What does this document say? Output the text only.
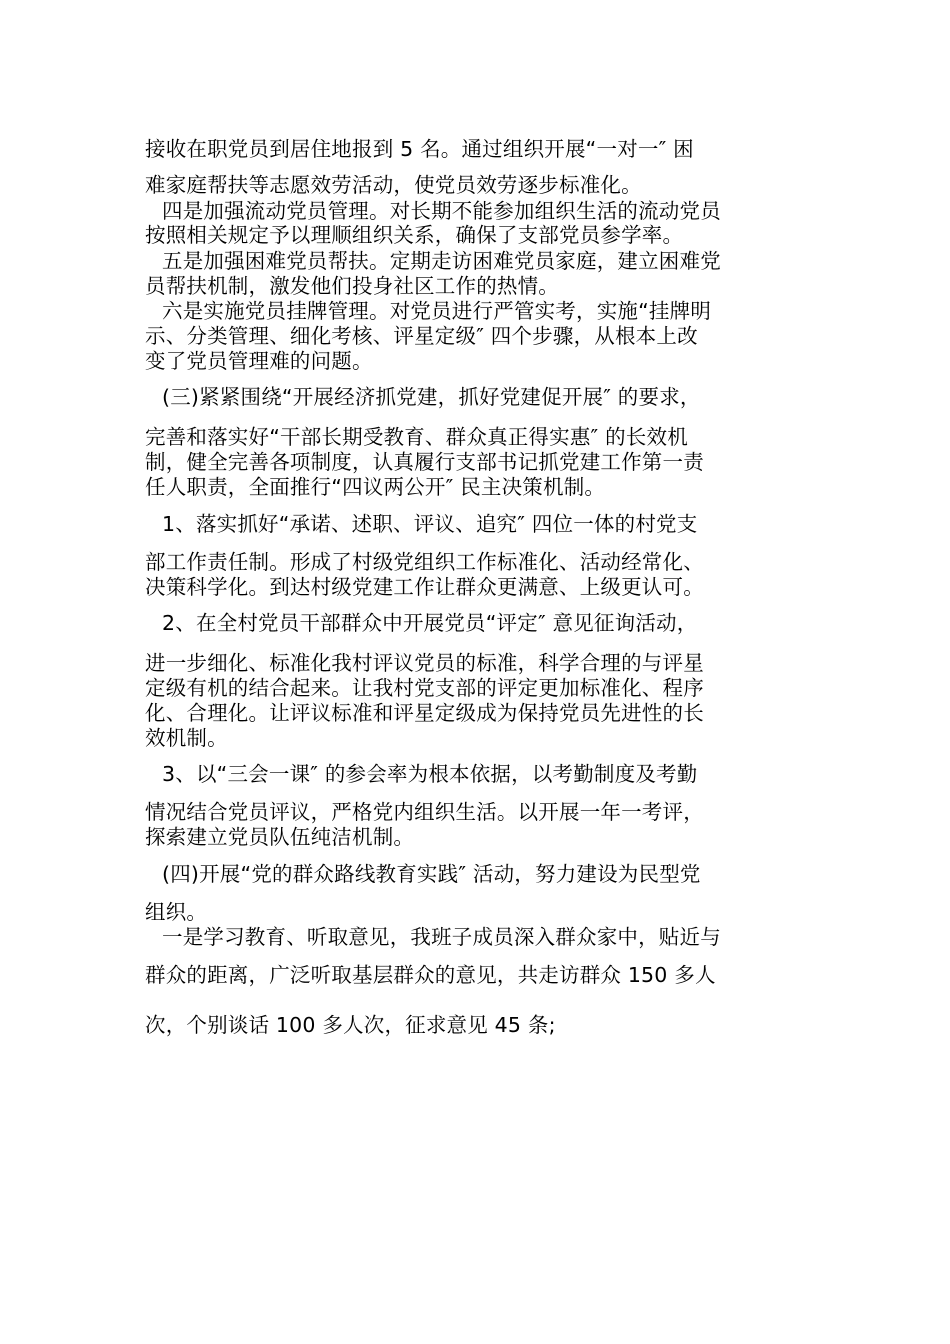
接收在职党员到居住地报到 5 名。通过组织开展“一对一″ 困

难家庭帮扶等志愿效劳活动，使党员效劳逐步标准化。

四是加强流动党员管理。对长期不能参加组织生活的流动党员

按照相关规定予以理顺组织关系，确保了支部党员参学率。

五是加强困难党员帮扶。定期走访困难党员家庭，建立困难党

员帮扶机制，激发他们投身社区工作的热情。

六是实施党员挂牌管理。对党员进行严管实考，实施“挂牌明

示、分类管理、细化考核、评星定级″ 四个步骤，从根本上改

变了党员管理难的问题。

(三)紧紧围绕“开展经济抓党建，抓好党建促开展″ 的要求，

完善和落实好“干部长期受教育、群众真正得实惠″ 的长效机

制，健全完善各项制度，认真履行支部书记抓党建工作第一责

任人职责，全面推行“四议两公开″ 民主决策机制。

1、落实抓好“承诺、述职、评议、追究″ 四位一体的村党支

部工作责任制。形成了村级党组织工作标准化、活动经常化、

决策科学化。到达村级党建工作让群众更满意、上级更认可。

2、在全村党员干部群众中开展党员“评定″ 意见征询活动，

进一步细化、标准化我村评议党员的标准，科学合理的与评星

定级有机的结合起来。让我村党支部的评定更加标准化、程序

化、合理化。让评议标准和评星定级成为保持党员先进性的长

效机制。

3、以“三会一课″ 的参会率为根本依据，以考勤制度及考勤

情况结合党员评议，严格党内组织生活。以开展一年一考评，

探索建立党员队伍纯洁机制。

(四)开展“党的群众路线教育实践″ 活动，努力建设为民型党

组织。

一是学习教育、听取意见，我班子成员深入群众家中，贴近与

群众的距离，广泛听取基层群众的意见，共走访群众 150 多人

次，个别谈话 100 多人次，征求意见 45 条;
